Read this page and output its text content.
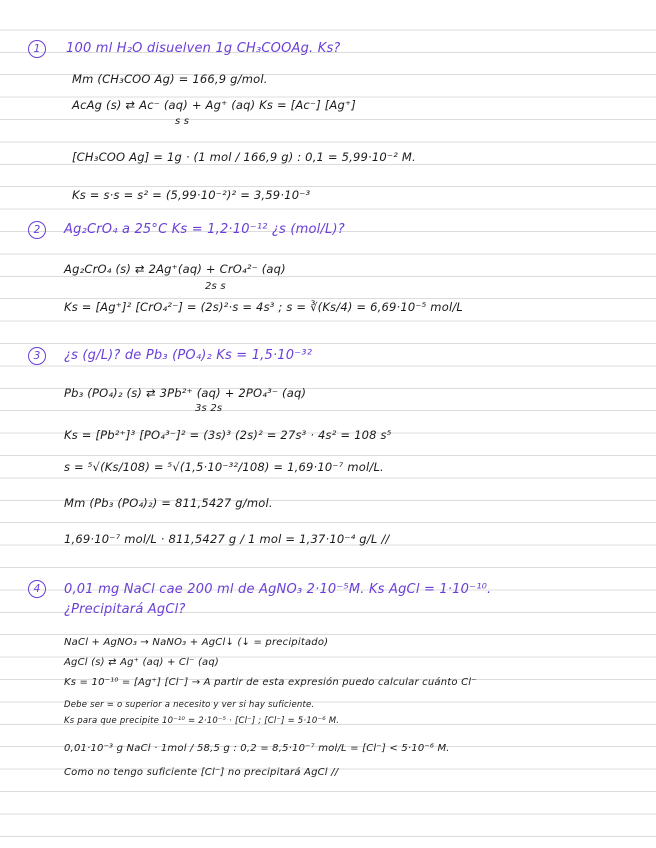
1	100 ml H₂O disuelven 1g CH₃COOAg. Ks?
Mm (CH₃COO Ag) = 166,9 g/mol.
AcAg (s) ⇄ Ac⁻ (aq) + Ag⁺ (aq) Ks = [Ac⁻] [Ag⁺]
s s
[CH₃COO Ag] = 1g · (1 mol / 166,9 g) : 0,1 = 5,99·10⁻² M.
Ks = s·s = s² = (5,99·10⁻²)² = 3,59·10⁻³
2	Ag₂CrO₄ a 25°C Ks = 1,2·10⁻¹² ¿s (mol/L)?
Ag₂CrO₄ (s) ⇄ 2Ag⁺(aq) + CrO₄²⁻ (aq)
2s s
Ks = [Ag⁺]² [CrO₄²⁻] = (2s)²·s = 4s³ ; s = ∛(Ks/4) = 6,69·10⁻⁵ mol/L
3	¿s (g/L)? de Pb₃ (PO₄)₂ Ks = 1,5·10⁻³²
Pb₃ (PO₄)₂ (s) ⇄ 3Pb²⁺ (aq) + 2PO₄³⁻ (aq)
3s 2s
Ks = [Pb²⁺]³ [PO₄³⁻]² = (3s)³ (2s)² = 27s³ · 4s² = 108 s⁵
s = ⁵√(Ks/108) = ⁵√(1,5·10⁻³²/108) = 1,69·10⁻⁷ mol/L.
Mm (Pb₃ (PO₄)₂) = 811,5427 g/mol.
1,69·10⁻⁷ mol/L · 811,5427 g / 1 mol = 1,37·10⁻⁴ g/L //
4	0,01 mg NaCl cae 200 ml de AgNO₃ 2·10⁻⁵M. Ks AgCl = 1·10⁻¹⁰.
¿Precipitará AgCl?
NaCl + AgNO₃ → NaNO₃ + AgCl↓ (↓ = precipitado)
AgCl (s) ⇄ Ag⁺ (aq) + Cl⁻ (aq)
Ks = 10⁻¹⁰ = [Ag⁺] [Cl⁻] → A partir de esta expresión puedo calcular cuánto Cl⁻
Debe ser = o superior a necesito y ver si hay suficiente.
Ks para que precipite 10⁻¹⁰ = 2·10⁻⁵ · [Cl⁻] ; [Cl⁻] = 5·10⁻⁶ M.
0,01·10⁻³ g NaCl · 1mol / 58,5 g : 0,2 = 8,5·10⁻⁷ mol/L = [Cl⁻] < 5·10⁻⁶ M.
Como no tengo suficiente [Cl⁻] no precipitará AgCl //
